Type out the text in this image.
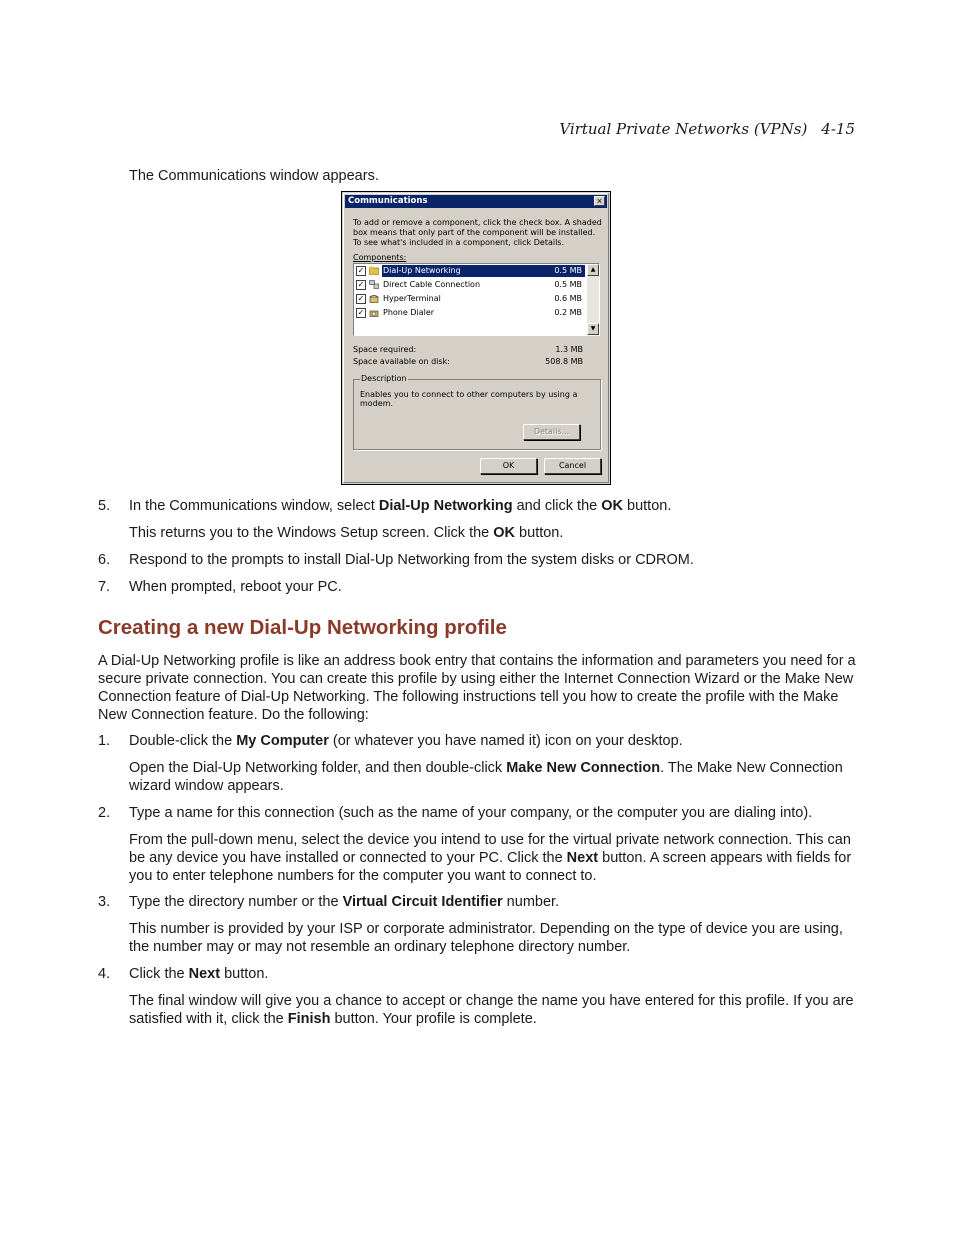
Virtual Private Networks (VPNs) 4-15

The Communications window appears.

Communications	×
To add or remove a component, click the check box. A shaded box means that only part of the component will be installed. To see what's included in a component, click Details.
Components:
✓ Dial-Up Networking	0.5 MB
✓ Direct Cable Connection	0.5 MB
✓ HyperTerminal	0.6 MB
✓ Phone Dialer	0.2 MB
▲
▼
Space required:	1.3 MB
Space available on disk:	508.8 MB
Description
Enables you to connect to other computers by using a modem.
Details...
OK	Cancel
5. In the Communications window, select Dial-Up Networking and click the OK button.

This returns you to the Windows Setup screen. Click the OK button.

6. Respond to the prompts to install Dial-Up Networking from the system disks or CDROM.

7. When prompted, reboot your PC.

Creating a new Dial-Up Networking profile

A Dial-Up Networking profile is like an address book entry that contains the information and parameters you need for a secure private connection. You can create this profile by using either the Internet Connection Wizard or the Make New Connection feature of Dial-Up Networking. The following instructions tell you how to create the profile with the Make New Connection feature. Do the following:

1. Double-click the My Computer (or whatever you have named it) icon on your desktop.

Open the Dial-Up Networking folder, and then double-click Make New Connection. The Make New Connection wizard window appears.

2. Type a name for this connection (such as the name of your company, or the computer you are dialing into).

From the pull-down menu, select the device you intend to use for the virtual private network connection. This can be any device you have installed or connected to your PC. Click the Next button. A screen appears with fields for you to enter telephone numbers for the computer you want to connect to.

3. Type the directory number or the Virtual Circuit Identifier number.

This number is provided by your ISP or corporate administrator. Depending on the type of device you are using, the number may or may not resemble an ordinary telephone directory number.

4. Click the Next button.

The final window will give you a chance to accept or change the name you have entered for this profile. If you are satisfied with it, click the Finish button. Your profile is complete.
